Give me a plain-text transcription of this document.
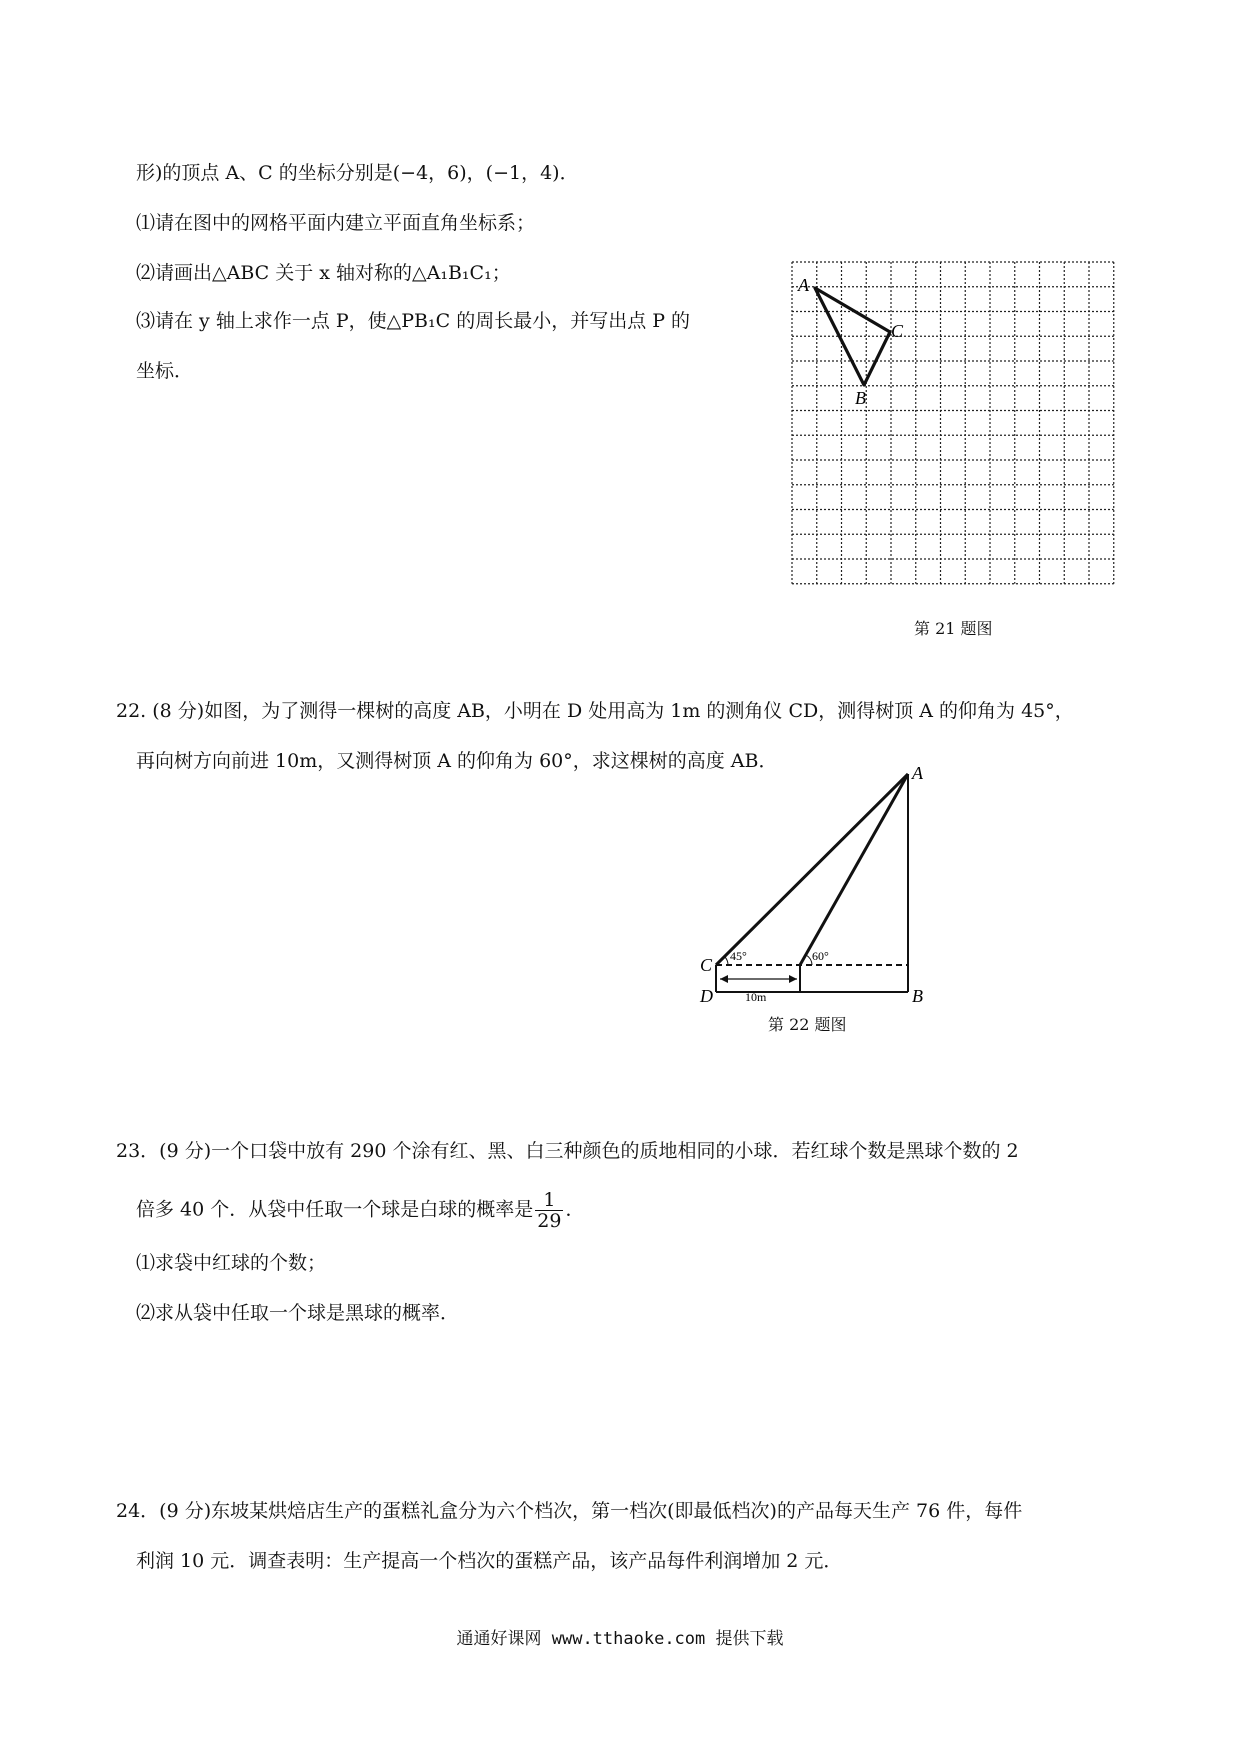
形)的顶点 A、C 的坐标分别是(−4，6)，(−1，4)．
⑴请在图中的网格平面内建立平面直角坐标系；
⑵请画出△ABC 关于 x 轴对称的△A₁B₁C₁；
⑶请在 y 轴上求作一点 P，使△PB₁C 的周长最小，并写出点 P 的
坐标．
A
C
B
第 21 题图
22. (8 分)如图，为了测得一棵树的高度 AB，小明在 D 处用高为 1m 的测角仪 CD，测得树顶 A 的仰角为 45°，
再向树方向前进 10m，又测得树顶 A 的仰角为 60°，求这棵树的高度 AB．
45°	60°
10m
A
C
D	B
第 22 题图
23．(9 分)一个口袋中放有 290 个涂有红、黑、白三种颜色的质地相同的小球．若红球个数是黑球个数的 2
倍多 40 个．从袋中任取一个球是白球的概率是 $\frac{1}{29}$ ．
⑴求袋中红球的个数；
⑵求从袋中任取一个球是黑球的概率．
24．(9 分)东坡某烘焙店生产的蛋糕礼盒分为六个档次，第一档次(即最低档次)的产品每天生产 76 件，每件
利润 10 元．调查表明：生产提高一个档次的蛋糕产品，该产品每件利润增加 2 元．
通通好课网 www.tthaoke.com 提供下载
